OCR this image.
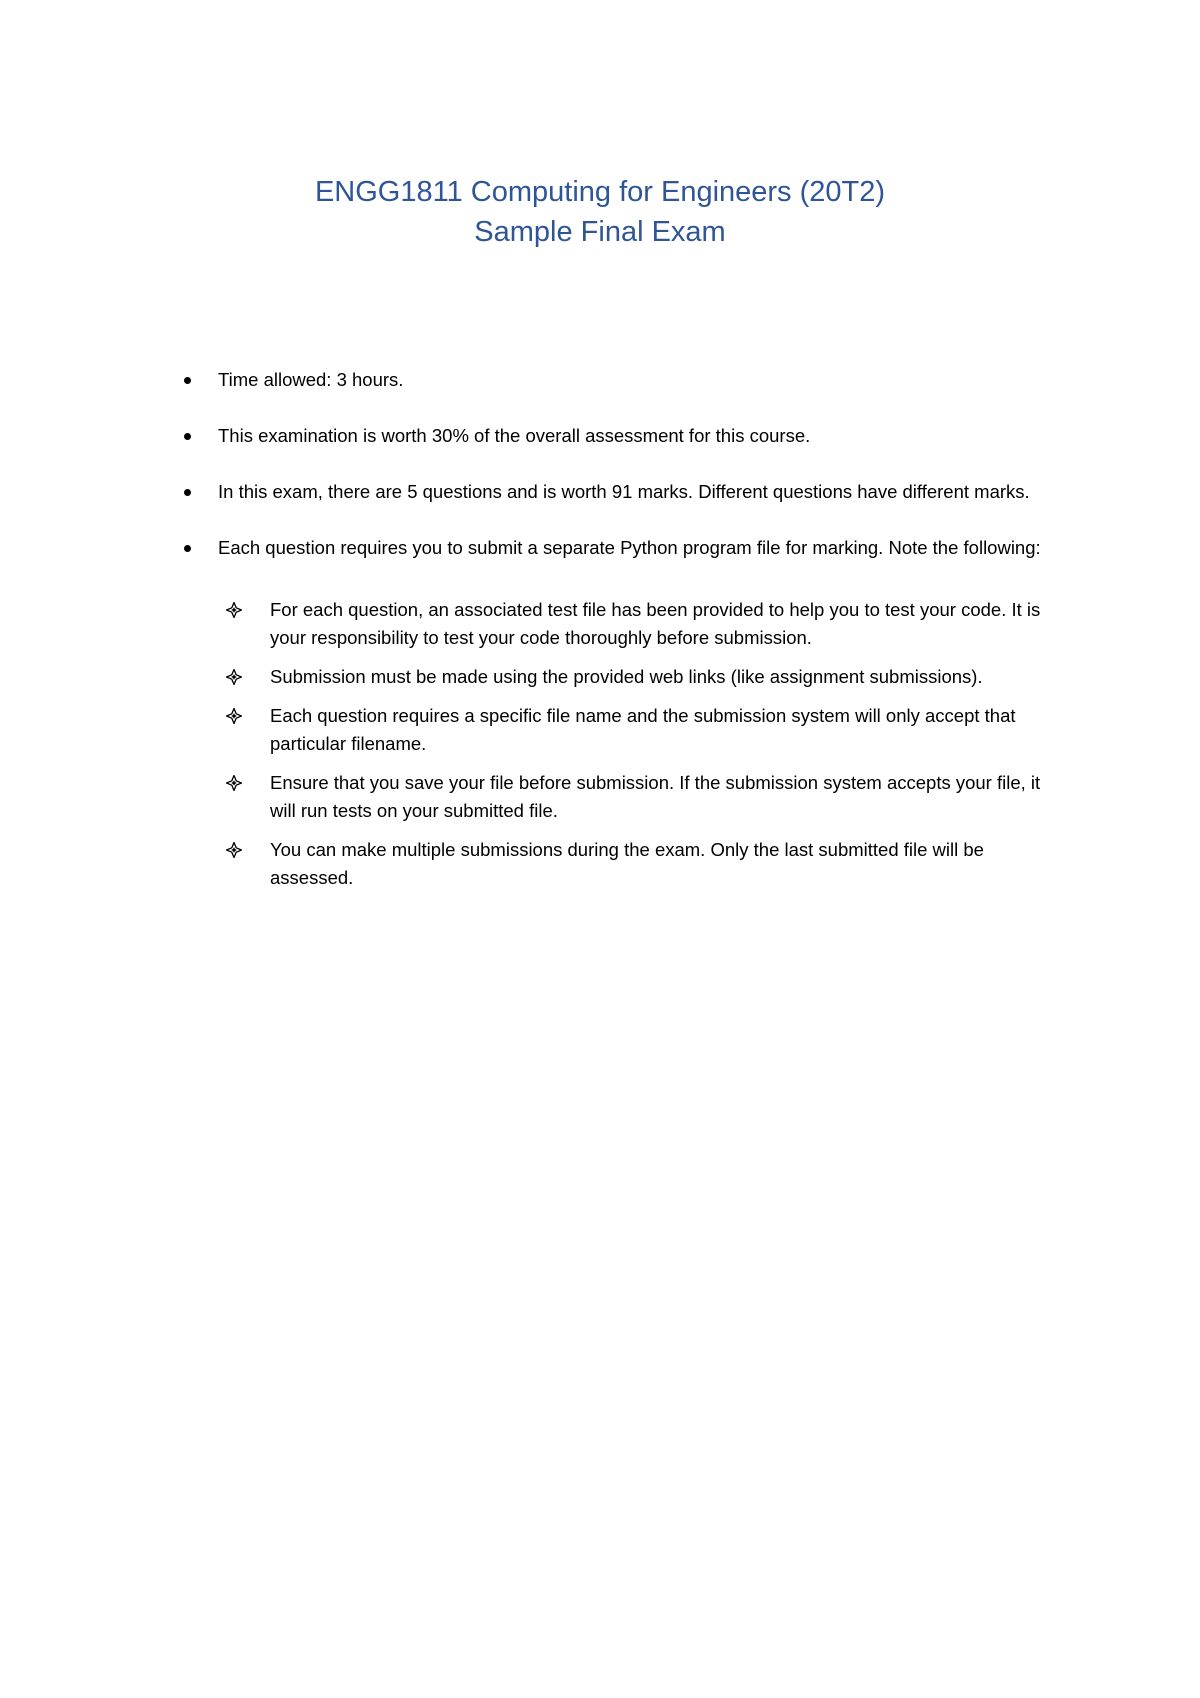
ENGG1811 Computing for Engineers (20T2)
Sample Final Exam
Time allowed: 3 hours.
This examination is worth 30% of the overall assessment for this course.
In this exam, there are 5 questions and is worth 91 marks. Different questions have different marks.
Each question requires you to submit a separate Python program file for marking. Note the following:
For each question, an associated test file has been provided to help you to test your code. It is your responsibility to test your code thoroughly before submission.
Submission must be made using the provided web links (like assignment submissions).
Each question requires a specific file name and the submission system will only accept that particular filename.
Ensure that you save your file before submission. If the submission system accepts your file, it will run tests on your submitted file.
You can make multiple submissions during the exam. Only the last submitted file will be assessed.
